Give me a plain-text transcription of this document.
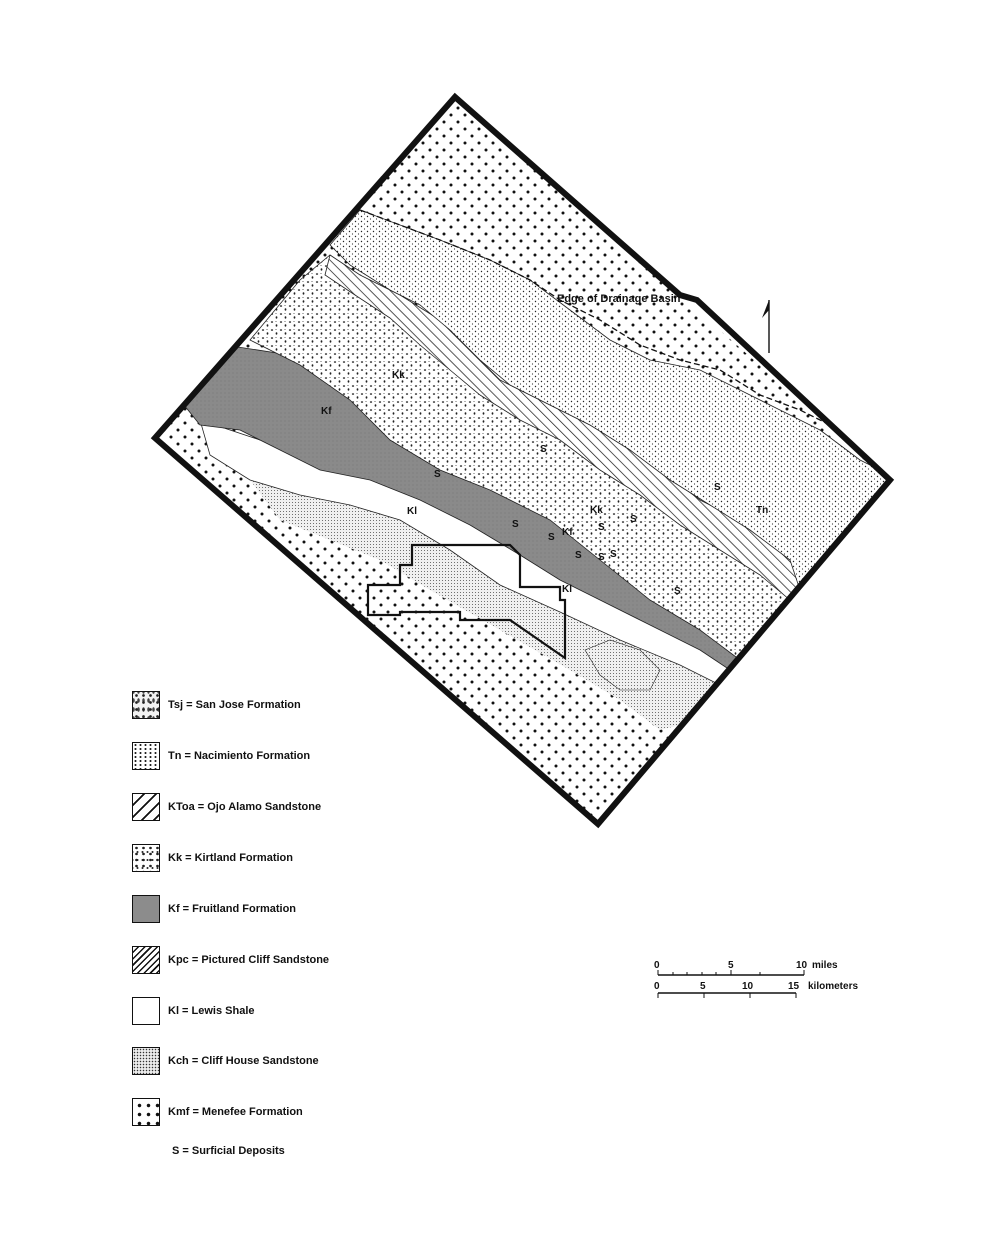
Edge of Drainage Basin
Kk
Kf
Kl
Kf
Kk
Kl
Tn
S
S
S
S
S S S
S
S
S
S
0	5	10 miles
0	5	10	15 kilometers
Tsj = San Jose Formation
Tn = Nacimiento Formation
KToa = Ojo Alamo Sandstone
Kk = Kirtland Formation
Kf = Fruitland Formation
Kpc = Pictured Cliff Sandstone
Kl = Lewis Shale
Kch = Cliff House Sandstone
Kmf = Menefee Formation
S = Surficial Deposits
